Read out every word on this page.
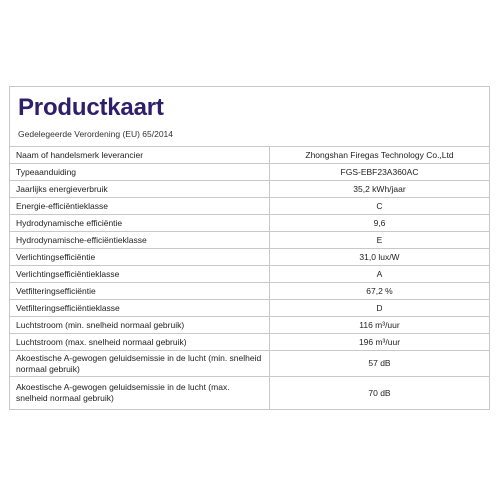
Productkaart
Gedelegeerde Verordening (EU) 65/2014
Naam of handelsmerk leverancier	Zhongshan Firegas Technology Co.,Ltd
Typeaanduiding	FGS-EBF23A360AC
Jaarlijks energieverbruik	35,2 kWh/jaar
Energie-efficiëntieklasse	C
Hydrodynamische efficiëntie	9,6
Hydrodynamische-efficiëntieklasse	E
Verlichtingsefficiëntie	31,0 lux/W
Verlichtingsefficiëntieklasse	A
Vetfilteringsefficiëntie	67,2 %
Vetfilteringsefficiëntieklasse	D
Luchtstroom (min. snelheid normaal gebruik)	116 m³/uur
Luchtstroom (max. snelheid normaal gebruik)	196 m³/uur
Akoestische A-gewogen geluidsemissie in de lucht (min. snelheid normaal gebruik)	57 dB
Akoestische A-gewogen geluidsemissie in de lucht (max. snelheid normaal gebruik)	70 dB
